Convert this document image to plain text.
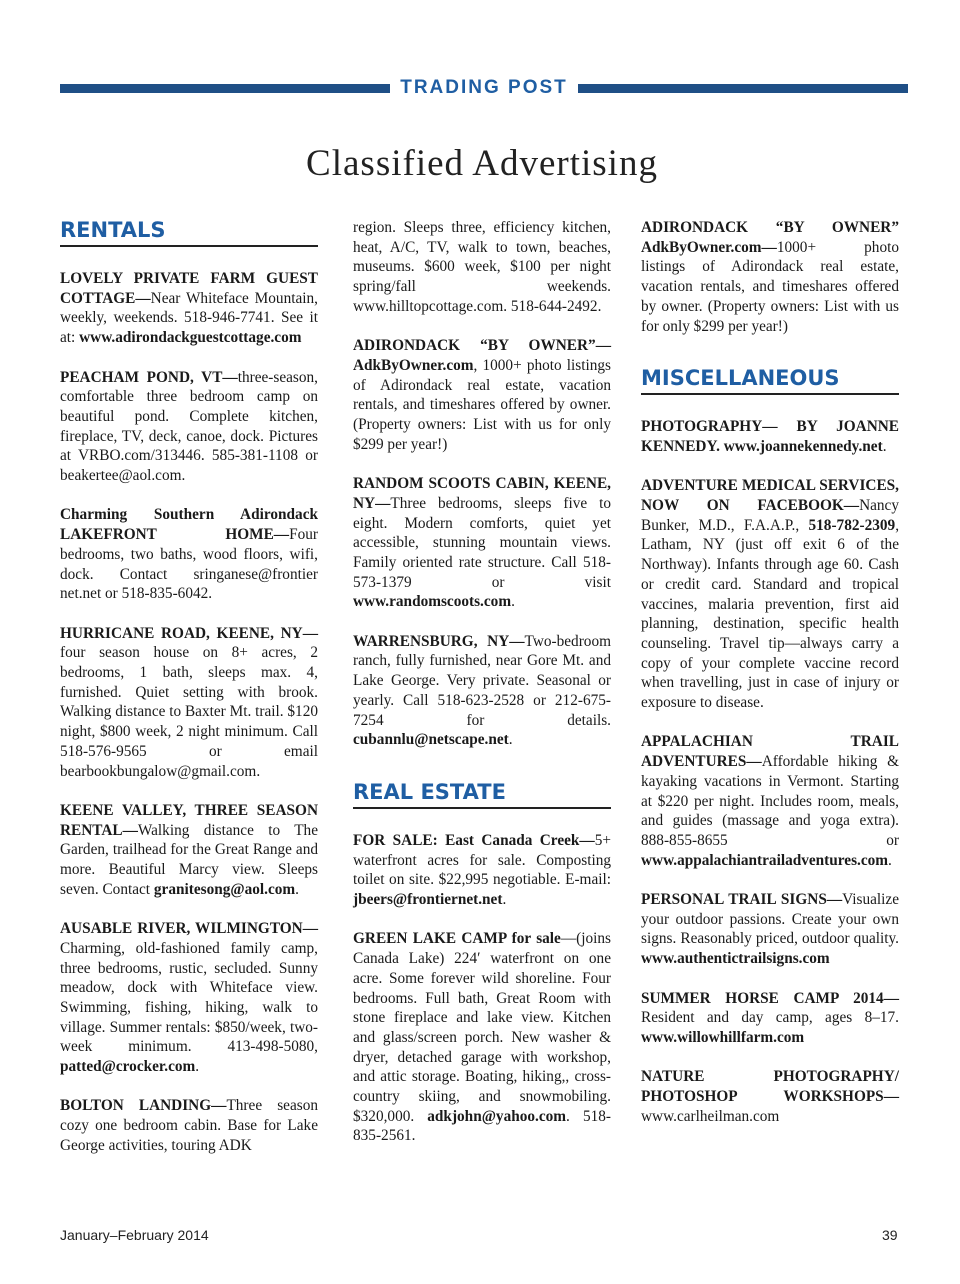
TRADING POST
Classified Advertising
RENTALS

LOVELY PRIVATE FARM GUEST COTTAGE—Near Whiteface Mountain, weekly, weekends. 518-946-7741. See it at: www.adirondackguestcottage.com

PEACHAM POND, VT—three-season, comfortable three bedroom camp on beautiful pond. Complete kitchen, fireplace, TV, deck, canoe, dock. Pictures at VRBO.com/313446. 585-381-1108 or beakertee@aol.com.

Charming Southern Adirondack LAKEFRONT HOME—Four bedrooms, two baths, wood floors, wifi, dock. Contact sringanese@frontier net.net or 518-835-6042.

HURRICANE ROAD, KEENE, NY—four season house on 8+ acres, 2 bedrooms, 1 bath, sleeps max. 4, furnished. Quiet setting with brook. Walking distance to Baxter Mt. trail. $120 night, $800 week, 2 night minimum. Call 518-576-9565 or email bearbookbungalow@gmail.com.

KEENE VALLEY, THREE SEASON RENTAL—Walking distance to The Garden, trailhead for the Great Range and more. Beautiful Marcy view. Sleeps seven. Contact granitesong@aol.com.

AUSABLE RIVER, WILMINGTON—Charming, old-fashioned family camp, three bedrooms, rustic, secluded. Sunny meadow, dock with Whiteface view. Swimming, fishing, hiking, walk to village. Summer rentals: $850/week, two-week minimum. 413-498-5080, patted@crocker.com.

BOLTON LANDING—Three season cozy one bedroom cabin. Base for Lake George activities, touring ADK

region. Sleeps three, efficiency kitchen, heat, A/C, TV, walk to town, beaches, museums. $600 week, $100 per night spring/fall weekends. www.hilltopcottage.com. 518-644-2492.

ADIRONDACK “BY OWNER”— AdkByOwner.com, 1000+ photo listings of Adirondack real estate, vacation rentals, and timeshares offered by owner. (Property owners: List with us for only $299 per year!)

RANDOM SCOOTS CABIN, KEENE, NY—Three bedrooms, sleeps five to eight. Modern comforts, quiet yet accessible, stunning mountain views. Family oriented rate structure. Call 518-573-1379 or visit www.randomscoots.com.

WARRENSBURG, NY—Two-bedroom ranch, fully furnished, near Gore Mt. and Lake George. Very private. Seasonal or yearly. Call 518-623-2528 or 212-675-7254 for details. cubannlu@netscape.net.

REAL ESTATE

FOR SALE: East Canada Creek—5+ waterfront acres for sale. Composting toilet on site. $22,995 negotiable. E-mail: jbeers@frontiernet.net.

GREEN LAKE CAMP for sale—(joins Canada Lake) 224′ waterfront on one acre. Some forever wild shoreline. Four bedrooms. Full bath, Great Room with stone fireplace and lake view. Kitchen and glass/screen porch. New washer & dryer, detached garage with workshop, and attic storage. Boating, hiking,, cross-country skiing, and snowmobiling. $320,000. adkjohn@yahoo.com. 518-835-2561.

ADIRONDACK “BY OWNER” AdkByOwner.com—1000+ photo listings of Adirondack real estate, vacation rentals, and timeshares offered by owner. (Property owners: List with us for only $299 per year!)

MISCELLANEOUS

PHOTOGRAPHY— BY JOANNE KENNEDY. www.joannekennedy.net.

ADVENTURE MEDICAL SERVICES, NOW ON FACEBOOK—Nancy Bunker, M.D., F.A.A.P., 518-782-2309, Latham, NY (just off exit 6 of the Northway). Infants through age 60. Cash or credit card. Standard and tropical vaccines, malaria prevention, first aid planning, destination, specific health counseling. Travel tip—always carry a copy of your complete vaccine record when travelling, just in case of injury or exposure to disease.

APPALACHIAN TRAIL ADVENTURES—Affordable hiking & kayaking vacations in Vermont. Starting at $220 per night. Includes room, meals, and guides (massage and yoga extra). 888-855-8655 or www.appalachiantrailadventures.com.

PERSONAL TRAIL SIGNS—Visualize your outdoor passions. Create your own signs. Reasonably priced, outdoor quality. www.authentictrailsigns.com

SUMMER HORSE CAMP 2014—Resident and day camp, ages 8–17. www.willowhillfarm.com

NATURE PHOTOGRAPHY/ PHOTOSHOP WORKSHOPS—www.carlheilman.com

January–February 2014	39
